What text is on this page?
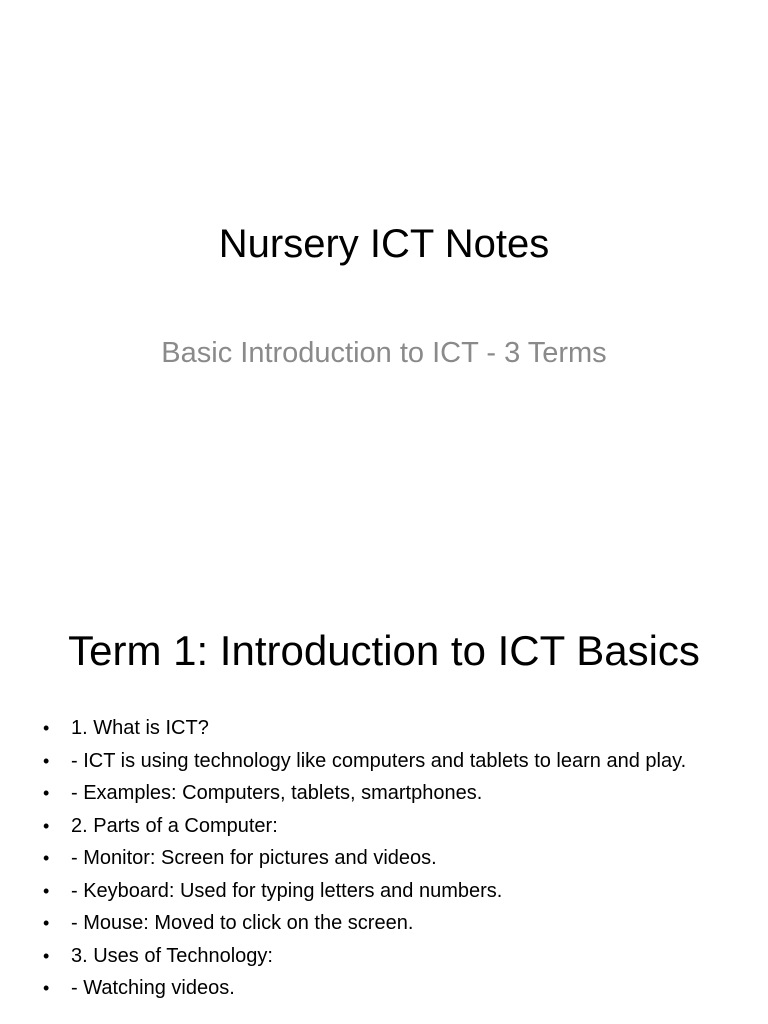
Nursery ICT Notes
Basic Introduction to ICT - 3 Terms
Term 1: Introduction to ICT Basics
• 1. What is ICT?
• - ICT is using technology like computers and tablets to learn and play.
• - Examples: Computers, tablets, smartphones.
• 2. Parts of a Computer:
• - Monitor: Screen for pictures and videos.
• - Keyboard: Used for typing letters and numbers.
• - Mouse: Moved to click on the screen.
• 3. Uses of Technology:
• - Watching videos.
